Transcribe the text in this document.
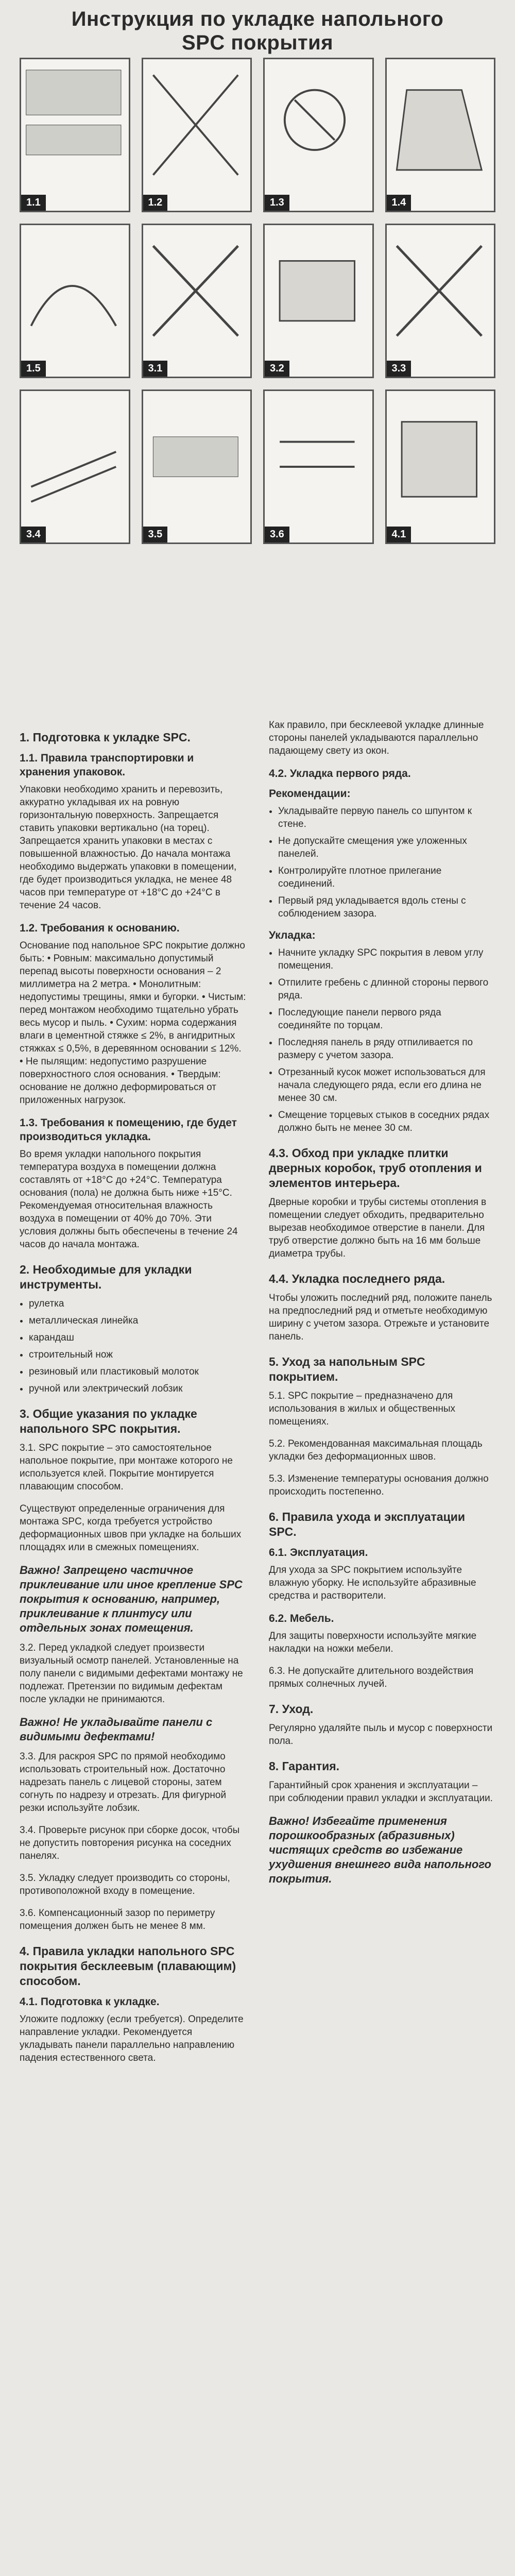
Инструкция по укладке напольного
SPC покрытия
1.1	1.2	1.3	1.4
1.5	3.1	3.2	3.3
3.4	3.5	3.6	4.1
1. Подготовка к укладке SPC.
1.1. Правила транспортировки и хранения упаковок.

Упаковки необходимо хранить и перевозить, аккуратно укладывая их на ровную горизонтальную поверхность. Запрещается ставить упаковки вертикально (на торец). Запрещается хранить упаковки в местах с повышенной влажностью. До начала монтажа необходимо выдержать упаковки в помещении, где будет производиться укладка, не менее 48 часов при температуре от +18°С до +24°С в течение 24 часов.

1.2. Требования к основанию.

Основание под напольное SPC покрытие должно быть: • Ровным: максимально допустимый перепад высоты поверхности основания – 2 миллиметра на 2 метра. • Монолитным: недопустимы трещины, ямки и бугорки. • Чистым: перед монтажом необходимо тщательно убрать весь мусор и пыль. • Сухим: норма содержания влаги в цементной стяжке ≤ 2%, в ангидритных стяжках ≤ 0,5%, в деревянном основании ≤ 12%. • Не пылящим: недопустимо разрушение поверхностного слоя основания. • Твердым: основание не должно деформироваться от приложенных нагрузок.

1.3. Требования к помещению, где будет производиться укладка.

Во время укладки напольного покрытия температура воздуха в помещении должна составлять от +18°С до +24°С. Температура основания (пола) не должна быть ниже +15°С. Рекомендуемая относительная влажность воздуха в помещении от 40% до 70%. Эти условия должны быть обеспечены в течение 24 часов до начала монтажа.

2. Необходимые для укладки инструменты.
• рулетка
• металлическая линейка
• карандаш
• строительный нож
• резиновый или пластиковый молоток
• ручной или электрический лобзик
3. Общие указания по укладке напольного SPC покрытия.

3.1. SPC покрытие – это самостоятельное напольное покрытие, при монтаже которого не используется клей. Покрытие монтируется плавающим способом.

Существуют определенные ограничения для монтажа SPC, когда требуется устройство деформационных швов при укладке на больших площадях или в смежных помещениях.

Важно! Запрещено частичное приклеивание или иное крепление SPC покрытия к основанию, например, приклеивание к плинтусу или отдельных зонах помещения.

3.2. Перед укладкой следует произвести визуальный осмотр панелей. Установленные на полу панели с видимыми дефектами монтажу не подлежат. Претензии по видимым дефектам после укладки не принимаются.

Важно! Не укладывайте панели с видимыми дефектами!

3.3. Для раскроя SPC по прямой необходимо использовать строительный нож. Достаточно надрезать панель с лицевой стороны, затем согнуть по надрезу и отрезать. Для фигурной резки используйте лобзик.

3.4. Проверьте рисунок при сборке досок, чтобы не допустить повторения рисунка на соседних панелях.

3.5. Укладку следует производить со стороны, противоположной входу в помещение.

3.6. Компенсационный зазор по периметру помещения должен быть не менее 8 мм.

4. Правила укладки напольного SPC покрытия бесклеевым (плавающим) способом.
4.1. Подготовка к укладке.

Уложите подложку (если требуется). Определите направление укладки. Рекомендуется укладывать панели параллельно направлению падения естественного света.

Как правило, при бесклеевой укладке длинные стороны панелей укладываются параллельно падающему свету из окон.

4.2. Укладка первого ряда.
Рекомендации:
• Укладывайте первую панель со шпунтом к стене.
• Не допускайте смещения уже уложенных панелей.
• Контролируйте плотное прилегание соединений.
• Первый ряд укладывается вдоль стены с соблюдением зазора.
Укладка:
• Начните укладку SPC покрытия в левом углу помещения.
• Отпилите гребень с длинной стороны первого ряда.
• Последующие панели первого ряда соединяйте по торцам.
• Последняя панель в ряду отпиливается по размеру с учетом зазора.
• Отрезанный кусок может использоваться для начала следующего ряда, если его длина не менее 30 см.
• Смещение торцевых стыков в соседних рядах должно быть не менее 30 см.
4.3. Обход при укладке плитки дверных коробок, труб отопления и элементов интерьера.

Дверные коробки и трубы системы отопления в помещении следует обходить, предварительно вырезав необходимое отверстие в панели. Для труб отверстие должно быть на 16 мм больше диаметра трубы.

4.4. Укладка последнего ряда.

Чтобы уложить последний ряд, положите панель на предпоследний ряд и отметьте необходимую ширину с учетом зазора. Отрежьте и установите панель.

5. Уход за напольным SPC покрытием.

5.1. SPC покрытие – предназначено для использования в жилых и общественных помещениях.

5.2. Рекомендованная максимальная площадь укладки без деформационных швов.

5.3. Изменение температуры основания должно происходить постепенно.

6. Правила ухода и эксплуатации SPC.
6.1. Эксплуатация.

Для ухода за SPC покрытием используйте влажную уборку. Не используйте абразивные средства и растворители.

6.2. Мебель.

Для защиты поверхности используйте мягкие накладки на ножки мебели.

6.3. Не допускайте длительного воздействия прямых солнечных лучей.

7. Уход.

Регулярно удаляйте пыль и мусор с поверхности пола.

8. Гарантия.

Гарантийный срок хранения и эксплуатации – при соблюдении правил укладки и эксплуатации.

Важно! Избегайте применения порошкообразных (абразивных) чистящих средств во избежание ухудшения внешнего вида напольного покрытия.
